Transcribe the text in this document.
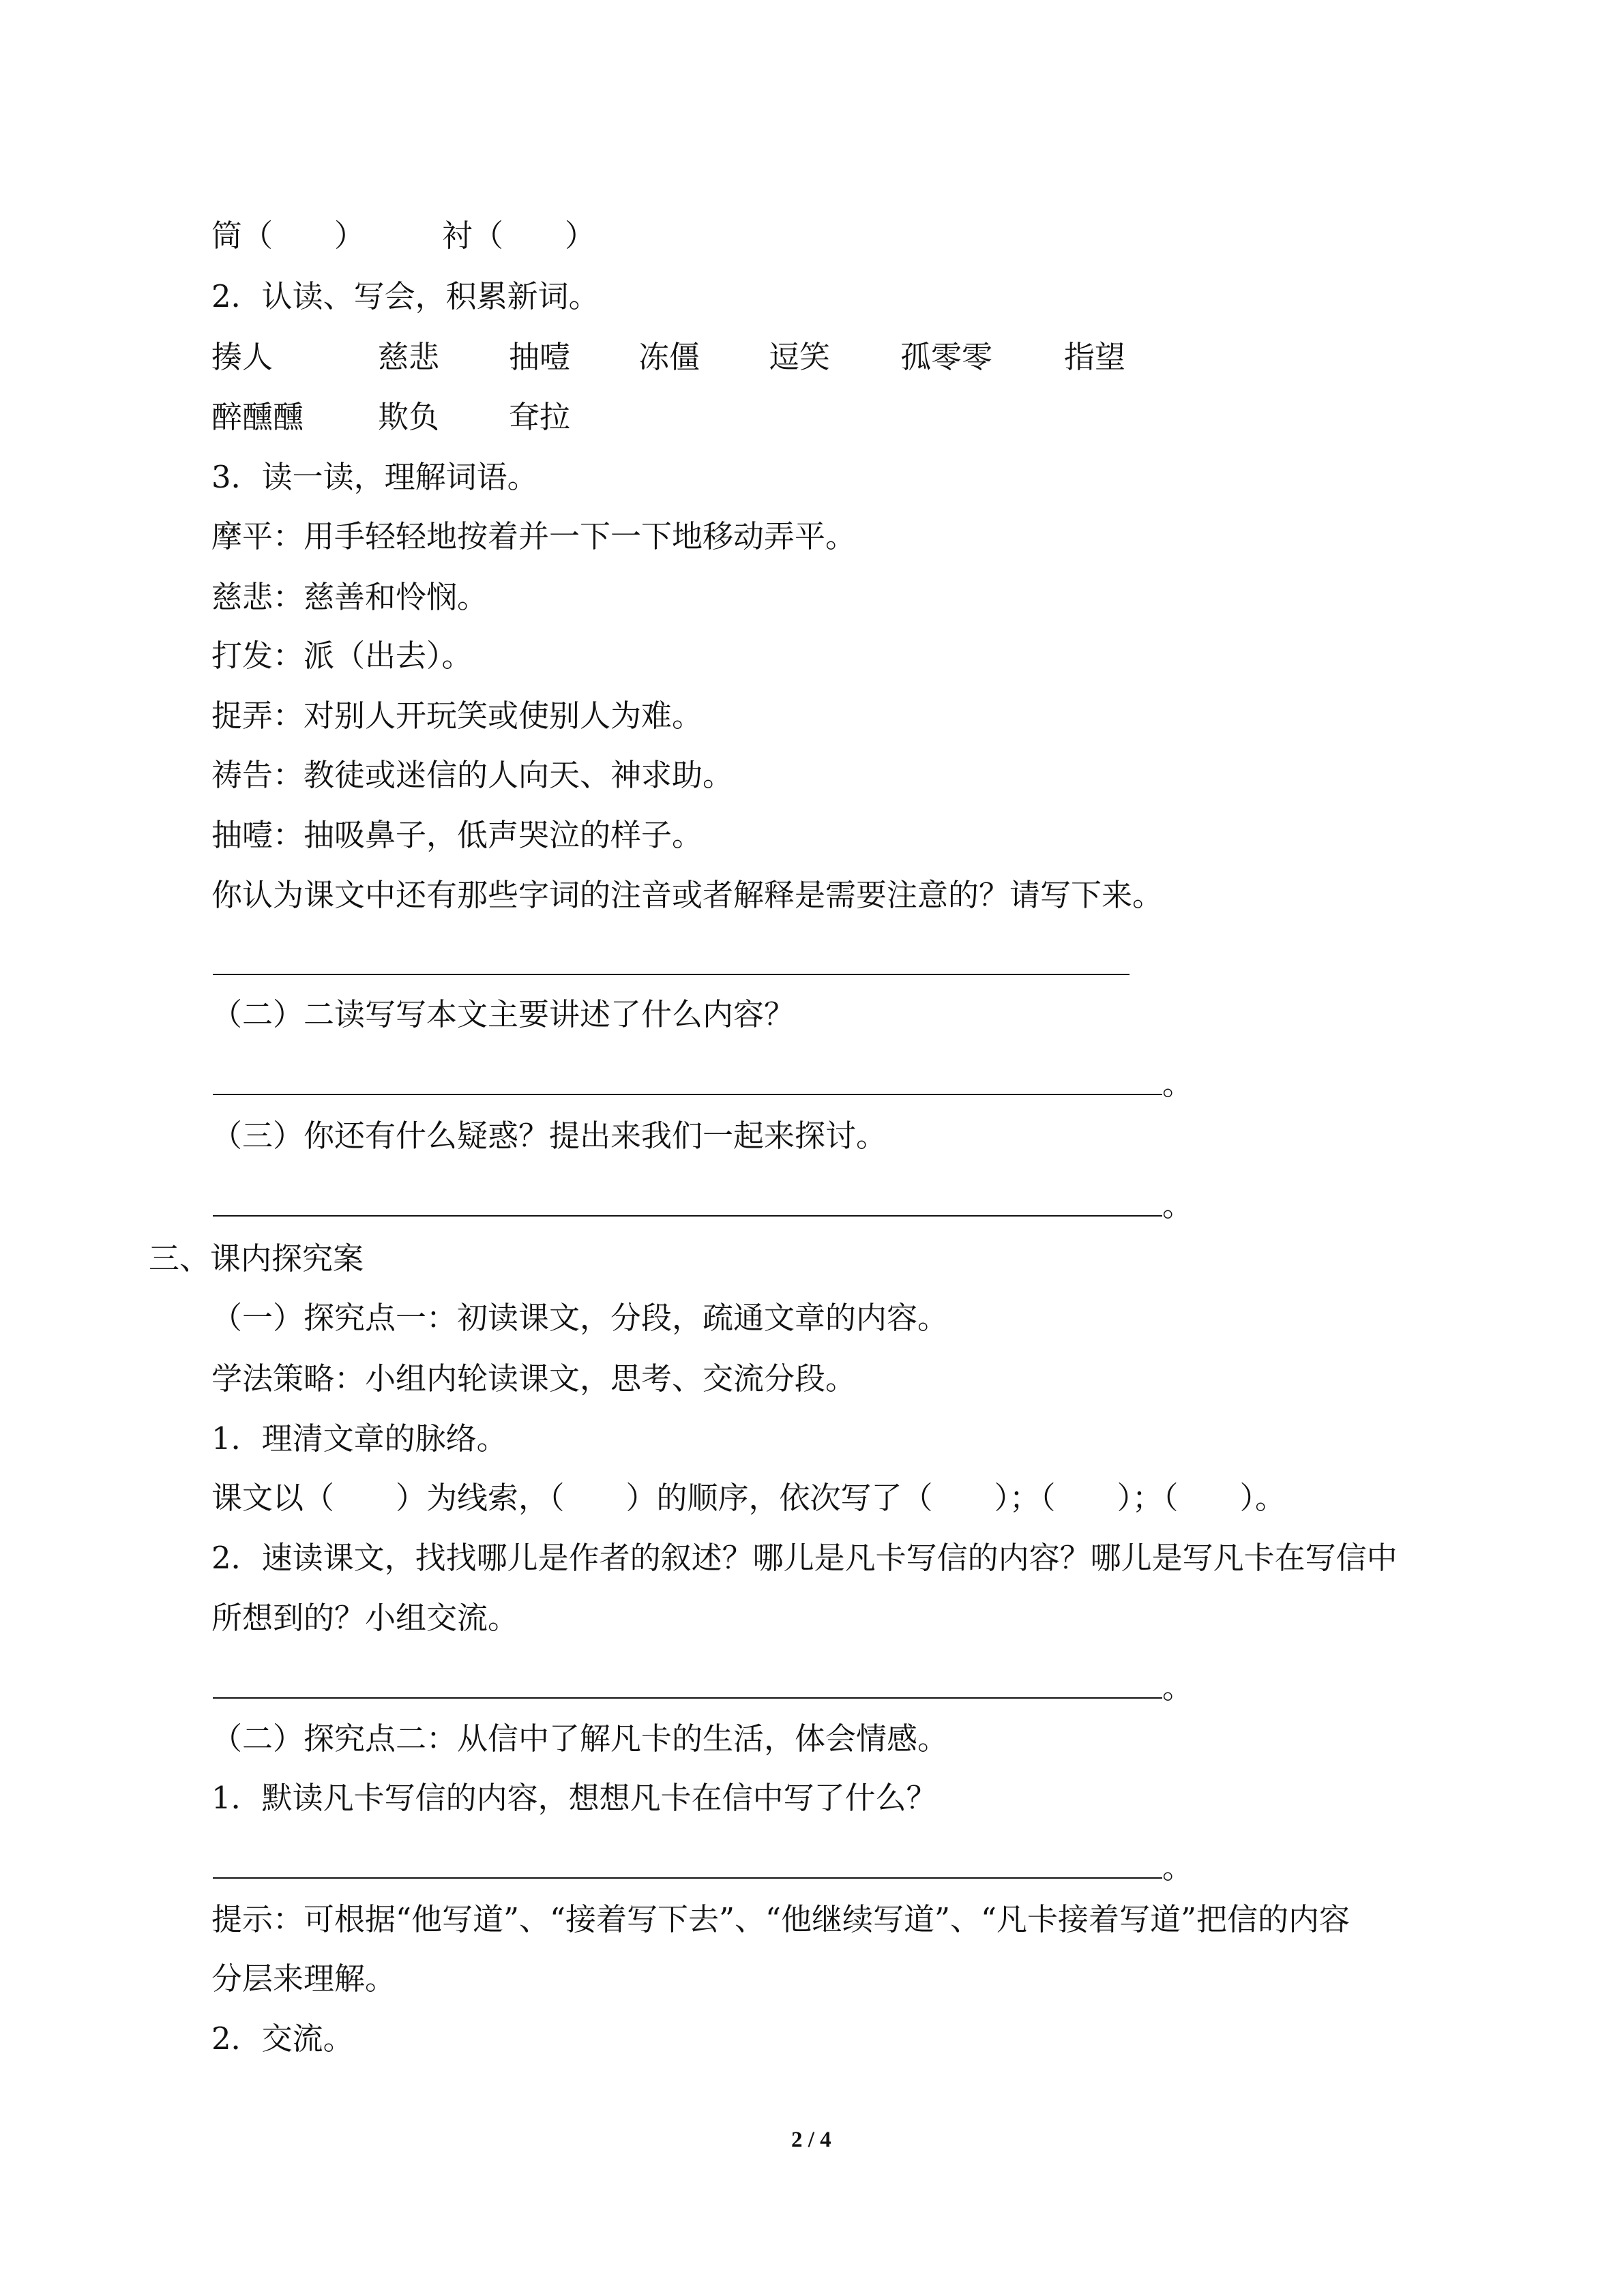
筒（　　）	衬（　　）
2．认读、写会，积累新词。
揍人	慈悲 抽噎 冻僵 逗笑 孤零零 指望
醉醺醺 欺负 耷拉
3．读一读，理解词语。
摩平：用手轻轻地按着并一下一下地移动弄平。
慈悲：慈善和怜悯。
打发：派（出去）。
捉弄：对别人开玩笑或使别人为难。
祷告：教徒或迷信的人向天、神求助。
抽噎：抽吸鼻子，低声哭泣的样子。
你认为课文中还有那些字词的注音或者解释是需要注意的？请写下来。
（二）二读写写本文主要讲述了什么内容？
。
（三）你还有什么疑惑？提出来我们一起来探讨。
。
三、课内探究案
（一）探究点一：初读课文，分段，疏通文章的内容。
学法策略：小组内轮读课文，思考、交流分段。
1．理清文章的脉络。
课文以（　　）为线索，（　　）的顺序，依次写了（　　）；（　　）；（　　）。
2．速读课文，找找哪儿是作者的叙述？哪儿是凡卡写信的内容？哪儿是写凡卡在写信中
所想到的？小组交流。
。
（二）探究点二：从信中了解凡卡的生活，体会情感。
1．默读凡卡写信的内容，想想凡卡在信中写了什么？
。
提示：可根据“他写道”、“接着写下去”、“他继续写道”、“凡卡接着写道”把信的内容
分层来理解。
2．交流。
2 / 4
